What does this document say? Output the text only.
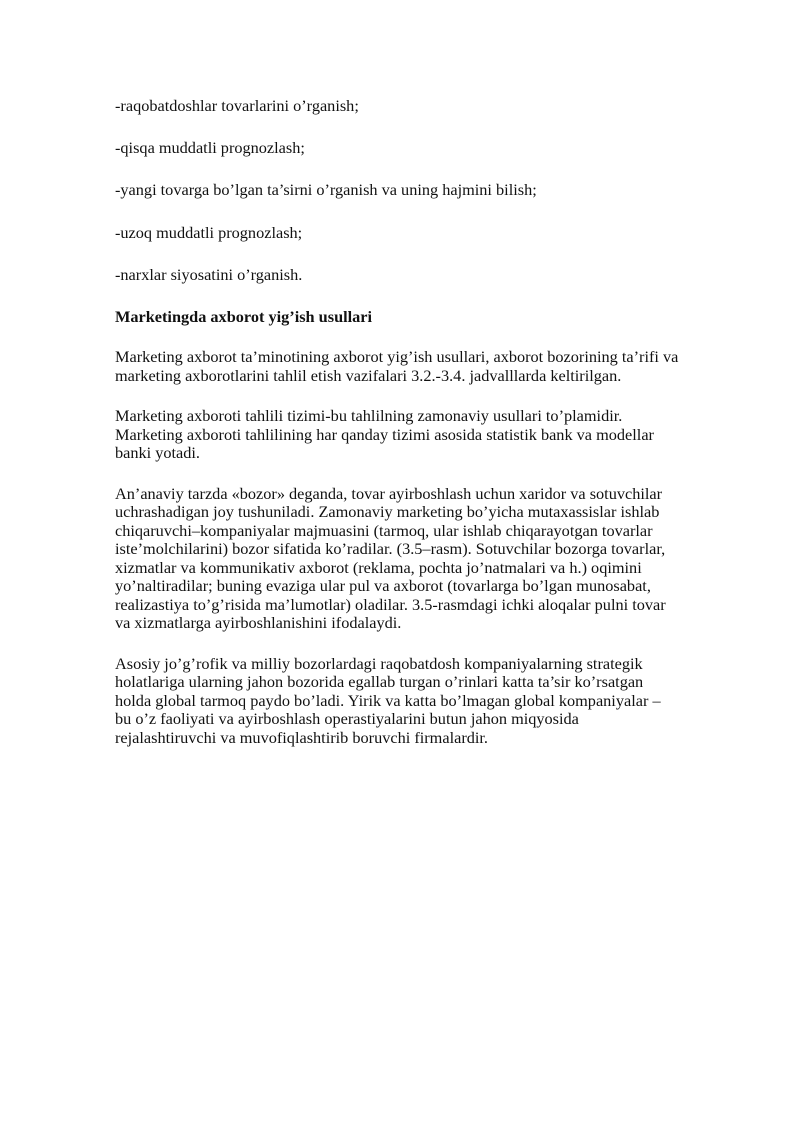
-raqobatdoshlar tovarlarini o’rganish;
-qisqa muddatli prognozlash;
-yangi tovarga bo’lgan ta’sirni o’rganish va uning hajmini bilish;
-uzoq muddatli prognozlash;
-narxlar siyosatini o’rganish.
Marketingda axborot yig’ish usullari
Marketing axborot ta’minotining axborot yig’ish usullari, axborot bozorining ta’rifi va
marketing axborotlarini tahlil etish vazifalari 3.2.-3.4. jadvalllarda keltirilgan.
Marketing axboroti tahlili tizimi-bu tahlilning zamonaviy usullari to’plamidir.
Marketing axboroti tahlilining har qanday tizimi asosida statistik bank va modellar
banki yotadi.
An’anaviy tarzda «bozor» deganda, tovar ayirboshlash uchun xaridor va sotuvchilar
uchrashadigan joy tushuniladi. Zamonaviy marketing bo’yicha mutaxassislar ishlab
chiqaruvchi–kompaniyalar majmuasini (tarmoq, ular ishlab chiqarayotgan tovarlar
iste’molchilarini) bozor sifatida ko’radilar. (3.5–rasm). Sotuvchilar bozorga tovarlar,
xizmatlar va kommunikativ axborot (reklama, pochta jo’natmalari va h.) oqimini
yo’naltiradilar; buning evaziga ular pul va axborot (tovarlarga bo’lgan munosabat,
realizastiya to’g’risida ma’lumotlar) oladilar. 3.5-rasmdagi ichki aloqalar pulni tovar
va xizmatlarga ayirboshlanishini ifodalaydi.
Asosiy jo’g’rofik va milliy bozorlardagi raqobatdosh kompaniyalarning strategik
holatlariga ularning jahon bozorida egallab turgan o’rinlari katta ta’sir ko’rsatgan
holda global tarmoq paydo bo’ladi. Yirik va katta bo’lmagan global kompaniyalar –
bu o’z faoliyati va ayirboshlash operastiyalarini butun jahon miqyosida
rejalashtiruvchi va muvofiqlashtirib boruvchi firmalardir.
